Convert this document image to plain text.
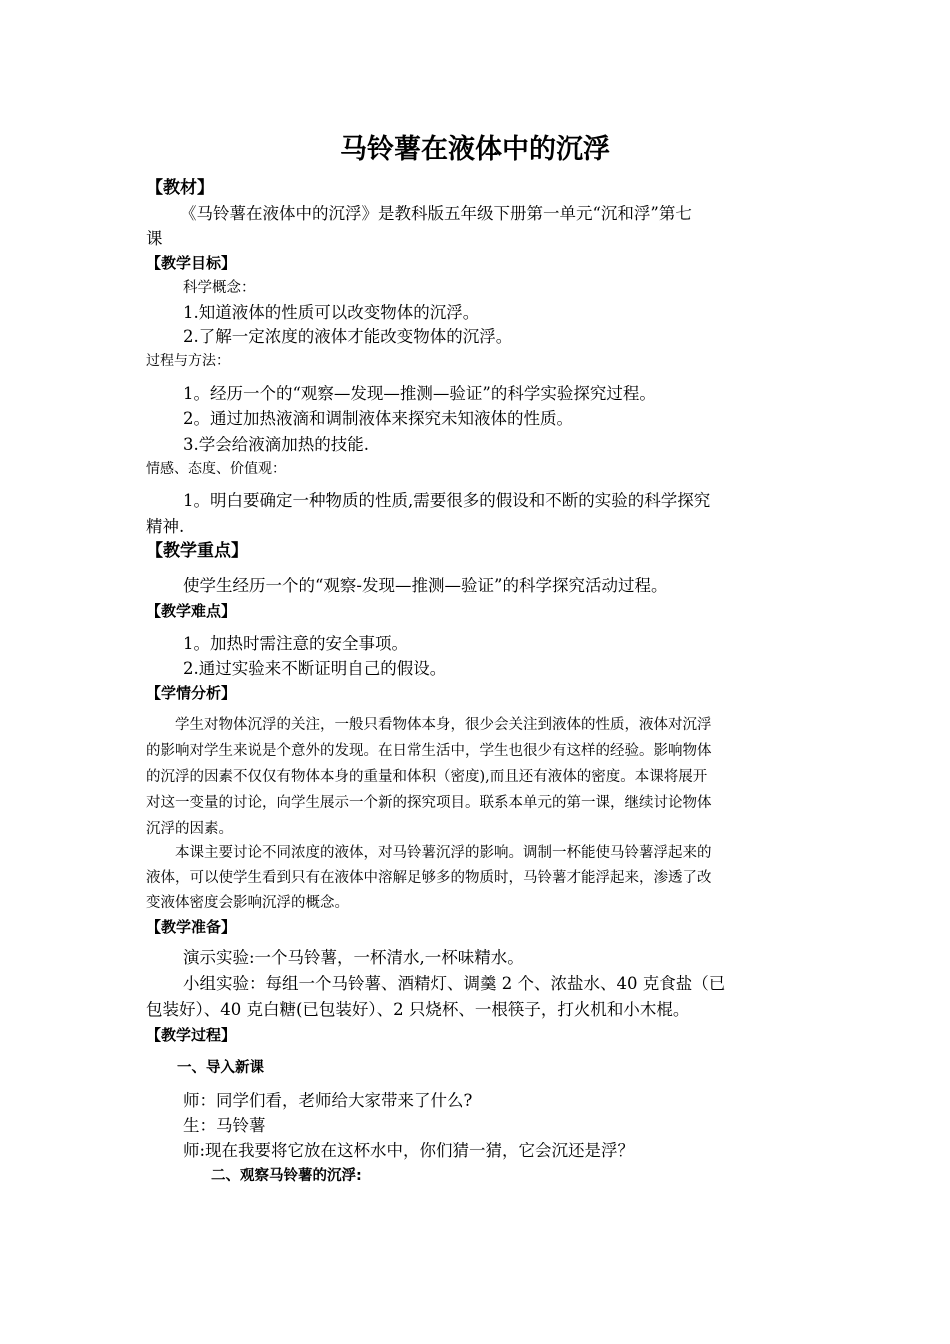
马铃薯在液体中的沉浮
【教材】
《马铃薯在液体中的沉浮》是教科版五年级下册第一单元“沉和浮”第七
课
【教学目标】
科学概念：
1.知道液体的性质可以改变物体的沉浮。
2.了解一定浓度的液体才能改变物体的沉浮。
过程与方法：
1。经历一个的“观察—发现—推测—验证”的科学实验探究过程。
2。通过加热液滴和调制液体来探究未知液体的性质。
3.学会给液滴加热的技能.
情感、态度、价值观：
1。明白要确定一种物质的性质,需要很多的假设和不断的实验的科学探究
精神.
【教学重点】
使学生经历一个的“观察-发现—推测—验证”的科学探究活动过程。
【教学难点】
1。加热时需注意的安全事项。
2.通过实验来不断证明自己的假设。
【学情分析】
学生对物体沉浮的关注，一般只看物体本身，很少会关注到液体的性质，液体对沉浮
的影响对学生来说是个意外的发现。在日常生活中，学生也很少有这样的经验。影响物体
的沉浮的因素不仅仅有物体本身的重量和体积（密度),而且还有液体的密度。本课将展开
对这一变量的讨论，向学生展示一个新的探究项目。联系本单元的第一课，继续讨论物体
沉浮的因素。
本课主要讨论不同浓度的液体，对马铃薯沉浮的影响。调制一杯能使马铃薯浮起来的
液体，可以使学生看到只有在液体中溶解足够多的物质时，马铃薯才能浮起来，渗透了改
变液体密度会影响沉浮的概念。
【教学准备】
演示实验:一个马铃薯，一杯清水,一杯味精水。
小组实验：每组一个马铃薯、酒精灯、调羹 2 个、浓盐水、40 克食盐（已
包装好）、40 克白糖(已包装好）、2 只烧杯、一根筷子，打火机和小木棍。
【教学过程】
一、导入新课
师：同学们看，老师给大家带来了什么?
生：马铃薯
师:现在我要将它放在这杯水中，你们猜一猜，它会沉还是浮？
二、观察马铃薯的沉浮:
